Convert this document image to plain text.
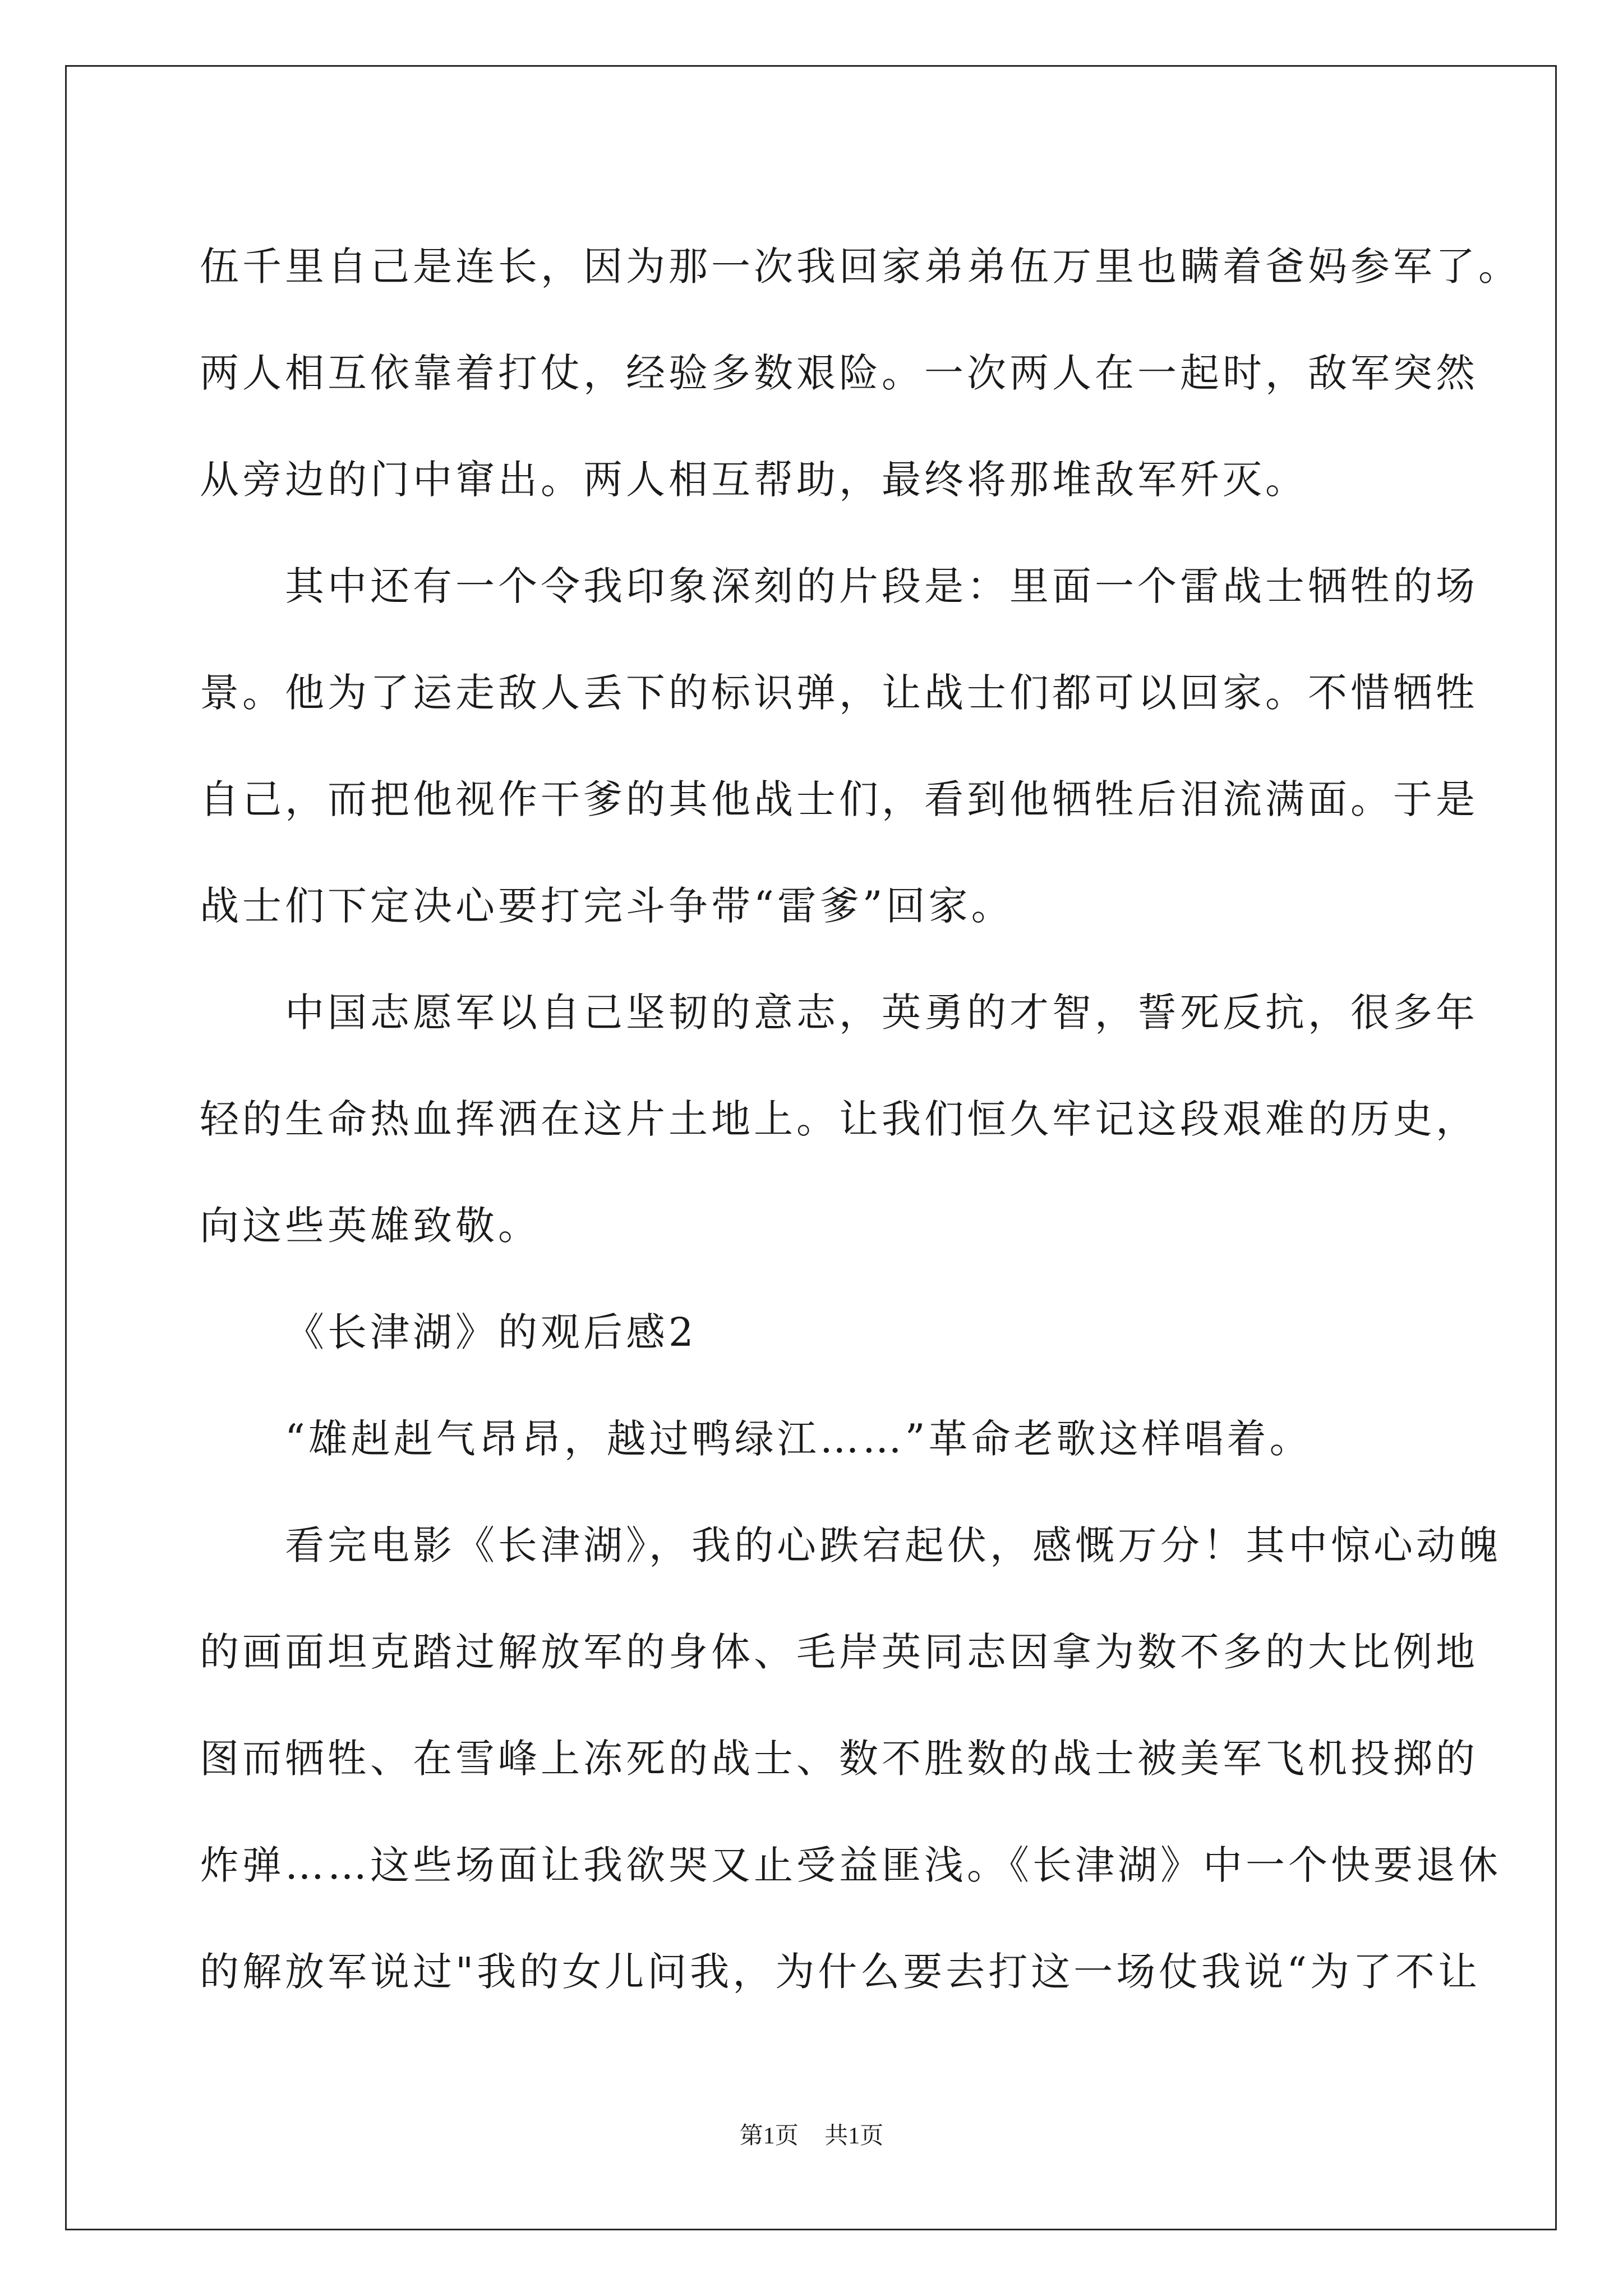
伍千里自己是连长，因为那一次我回家弟弟伍万里也瞒着爸妈参军了。
两人相互依靠着打仗，经验多数艰险。一次两人在一起时，敌军突然
从旁边的门中窜出。两人相互帮助，最终将那堆敌军歼灭。
其中还有一个令我印象深刻的片段是：里面一个雷战士牺牲的场
景。他为了运走敌人丢下的标识弹，让战士们都可以回家。不惜牺牲
自己，而把他视作干爹的其他战士们，看到他牺牲后泪流满面。于是
战士们下定决心要打完斗争带“雷爹”回家。
中国志愿军以自己坚韧的意志，英勇的才智，誓死反抗，很多年
轻的生命热血挥洒在这片土地上。让我们恒久牢记这段艰难的历史，
向这些英雄致敬。
《长津湖》的观后感2
“雄赳赳气昂昂，越过鸭绿江……”革命老歌这样唱着。
看完电影《长津湖》，我的心跌宕起伏，感慨万分！其中惊心动魄
的画面坦克踏过解放军的身体、毛岸英同志因拿为数不多的大比例地
图而牺牲、在雪峰上冻死的战士、数不胜数的战士被美军飞机投掷的
炸弹……这些场面让我欲哭又止受益匪浅。《长津湖》中一个快要退休
的解放军说过"我的女儿问我，为什么要去打这一场仗我说“为了不让
第1页 共1页
